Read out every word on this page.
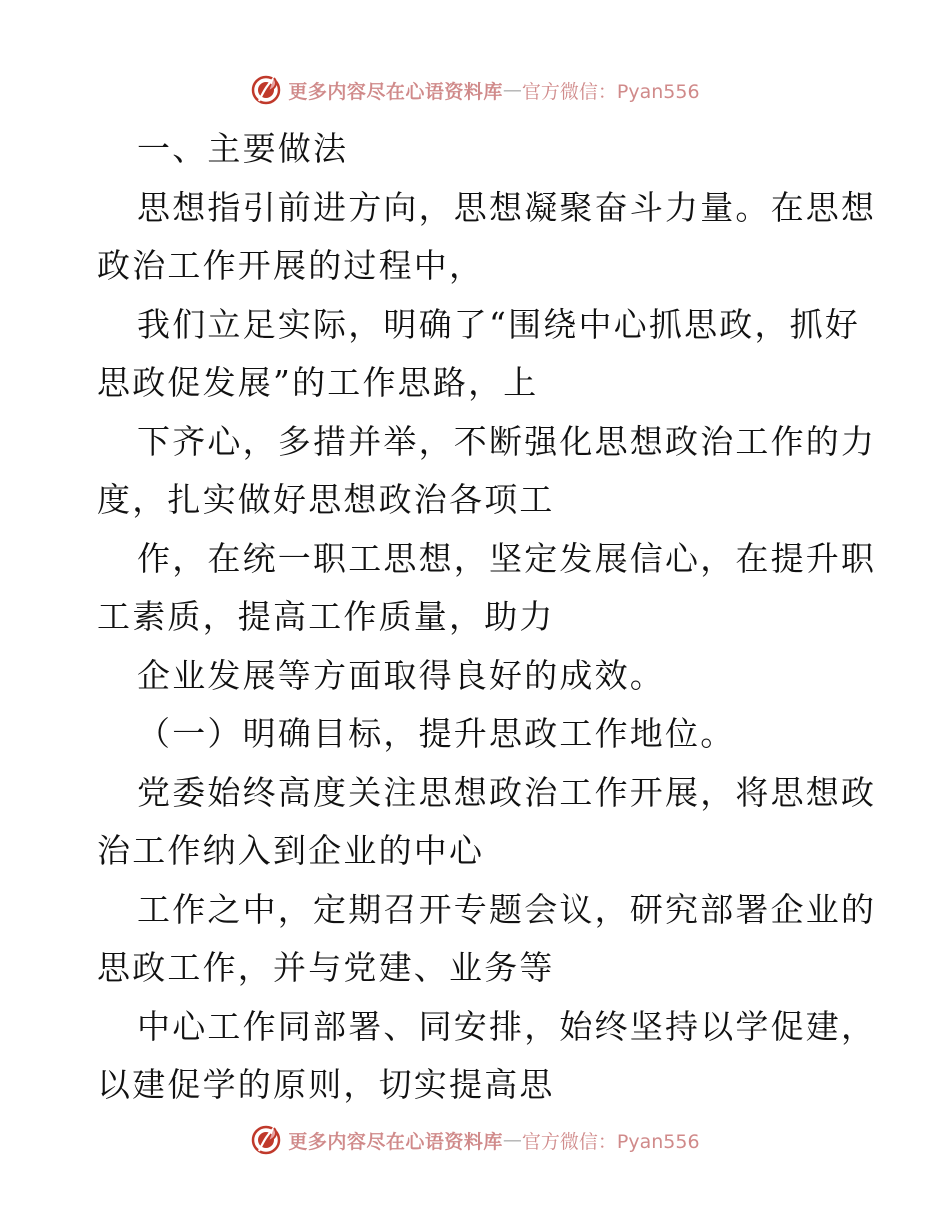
更多内容尽在心语资料库 — 官方微信：Pyan556
一、主要做法
思想指引前进方向，思想凝聚奋斗力量。在思想
政治工作开展的过程中，
我们立足实际，明确了“围绕中心抓思政，抓好
思政促发展”的工作思路，上
下齐心，多措并举，不断强化思想政治工作的力
度，扎实做好思想政治各项工
作，在统一职工思想，坚定发展信心，在提升职
工素质，提高工作质量，助力
企业发展等方面取得良好的成效。
（一）明确目标，提升思政工作地位。
党委始终高度关注思想政治工作开展，将思想政
治工作纳入到企业的中心
工作之中，定期召开专题会议，研究部署企业的
思政工作，并与党建、业务等
中心工作同部署、同安排，始终坚持以学促建，
以建促学的原则，切实提高思
更多内容尽在心语资料库 — 官方微信：Pyan556
